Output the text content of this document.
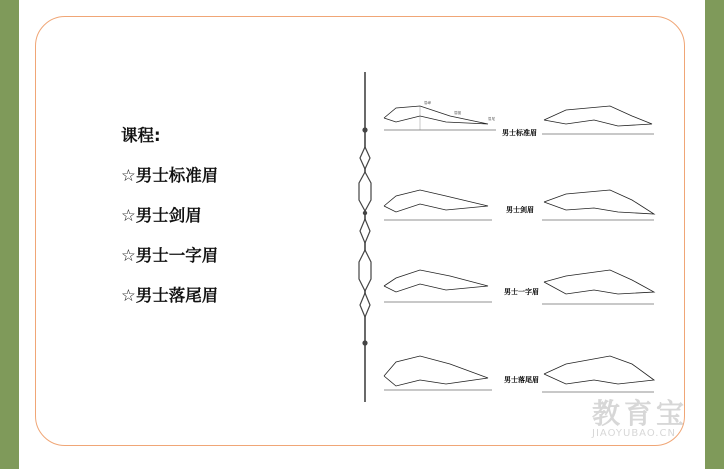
课程:
☆男士标准眉
☆男士剑眉
☆男士一字眉
☆男士落尾眉
男士标准眉
眉峰
眉腰
眉尾
男士剑眉
男士一字眉
男士落尾眉
教育宝
JIAOYUBAO.CN
